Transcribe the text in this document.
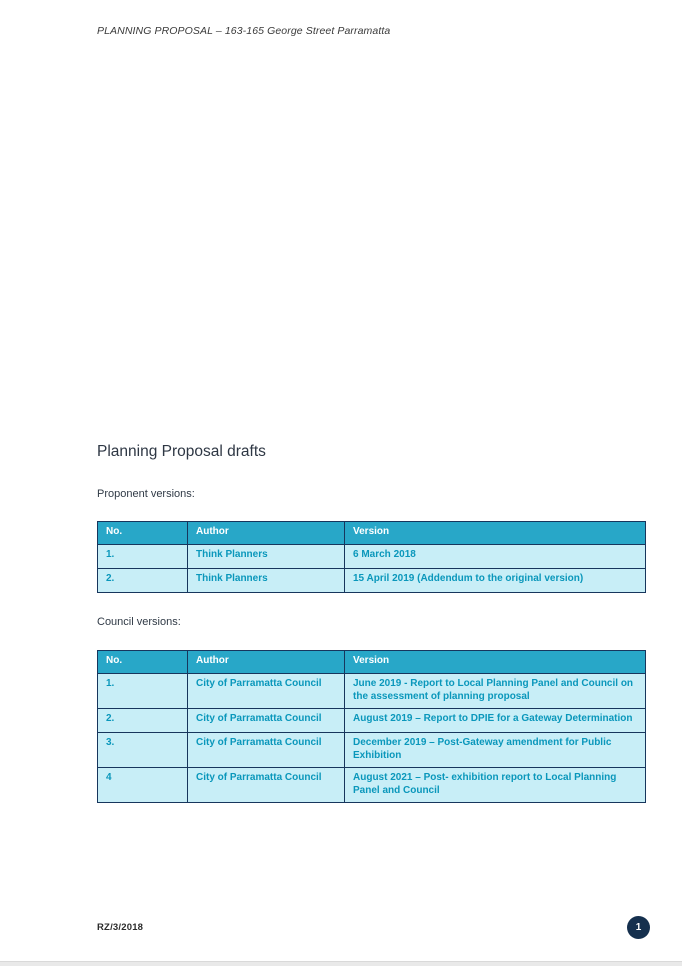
PLANNING PROPOSAL – 163-165 George Street Parramatta
Planning Proposal drafts
Proponent versions:
No.	Author	Version
1.	Think Planners	6 March 2018
2.	Think Planners	15 April 2019 (Addendum to the original version)
Council versions:
No.	Author	Version
1.	City of Parramatta Council	June 2019 - Report to Local Planning Panel and Council on the assessment of planning proposal
2.	City of Parramatta Council	August 2019 – Report to DPIE for a Gateway Determination
3.	City of Parramatta Council	December 2019 – Post-Gateway amendment for Public Exhibition
4	City of Parramatta Council	August 2021 – Post- exhibition report to Local Planning Panel and Council
RZ/3/2018	1
